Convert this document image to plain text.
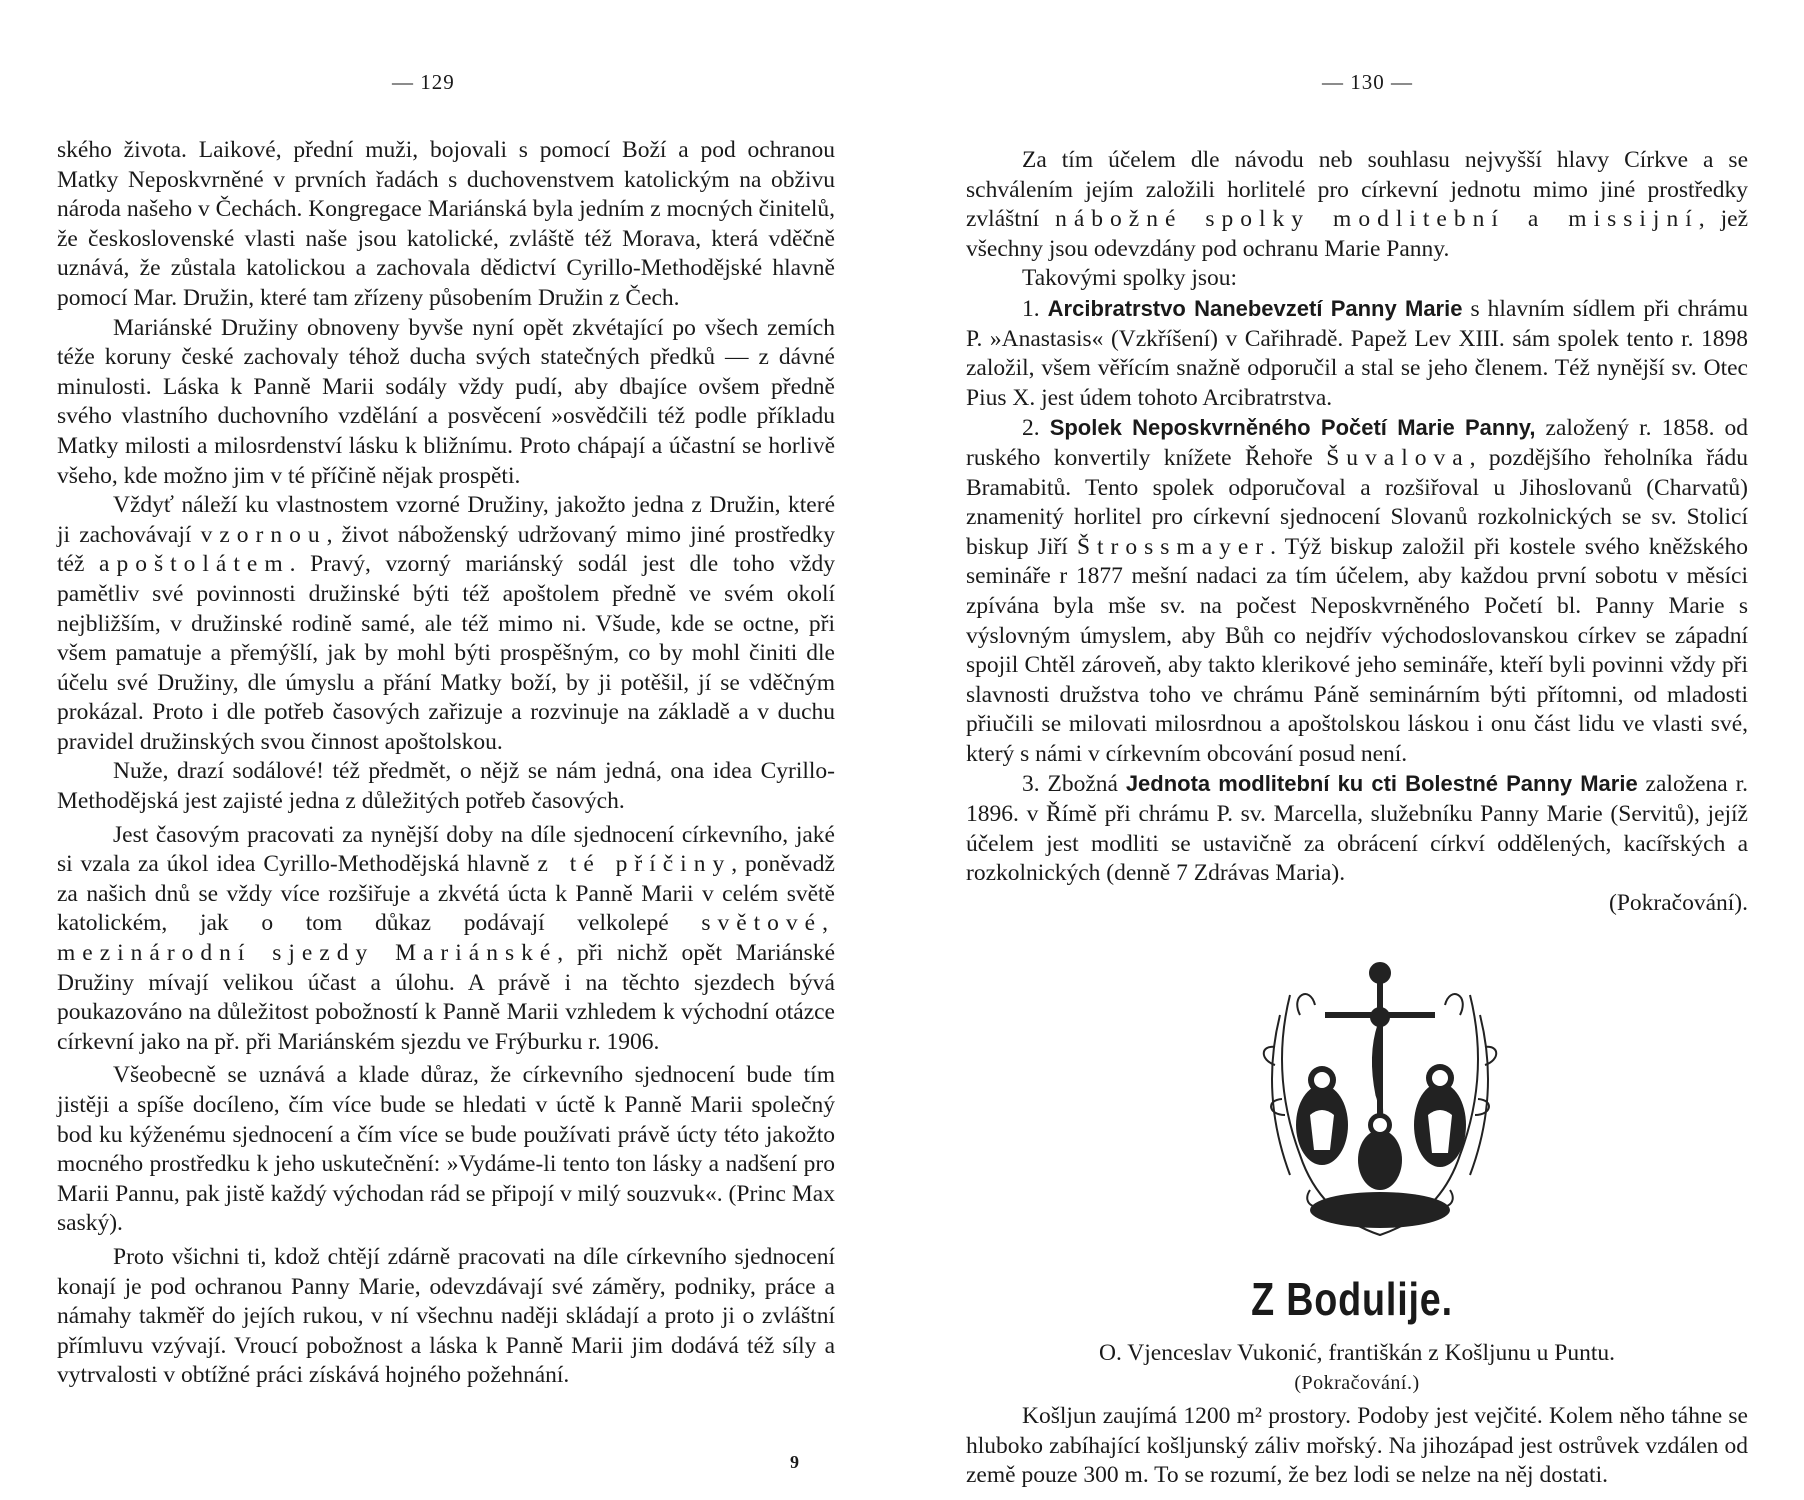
— 129

ského života. Laikové, přední muži, bojovali s pomocí Boží a pod ochranou Matky Neposkvrněné v prvních řadách s duchovenstvem katolickým na obživu národa našeho v Čechách. Kongregace Mariánská byla jedním z mocných činitelů, že československé vlasti naše jsou katolické, zvláště též Morava, která vděčně uznává, že zůstala katolickou a zachovala dědictví Cyrillo-Methodějské hlavně pomocí Mar. Družin, které tam zřízeny působením Družin z Čech.

Mariánské Družiny obnoveny byvše nyní opět zkvétající po všech zemích téže koruny české zachovaly téhož ducha svých statečných předků — z dávné minulosti. Láska k Panně Marii sodály vždy pudí, aby dbajíce ovšem předně svého vlastního duchovního vzdělání a posvěcení »osvědčili též podle příkladu Matky milosti a milosrdenství lásku k bližnímu. Proto chápají a účastní se horlivě všeho, kde možno jim v té příčině nějak prospěti.

Vždyť náleží ku vlastnostem vzorné Družiny, jakožto jedna z Družin, které ji zachovávají vzornou, život náboženský udržovaný mimo jiné prostředky též apoštolátem. Pravý, vzorný mariánský sodál jest dle toho vždy pamětliv své povinnosti družinské býti též apoštolem předně ve svém okolí nejbližším, v družinské rodině samé, ale též mimo ni. Všude, kde se octne, při všem pamatuje a přemýšlí, jak by mohl býti prospěšným, co by mohl činiti dle účelu své Družiny, dle úmyslu a přání Matky boží, by ji potěšil, jí se vděčným prokázal. Proto i dle potřeb časových zařizuje a rozvinuje na základě a v duchu pravidel družinských svou činnost apoštolskou.

Nuže, drazí sodálové! též předmět, o nějž se nám jedná, ona idea Cyrillo-Methodějská jest zajisté jedna z důležitých potřeb časových.

Jest časovým pracovati za nynější doby na díle sjednocení církevního, jaké si vzala za úkol idea Cyrillo-Methodějská hlavně z té příčiny, poněvadž za našich dnů se vždy více rozšiřuje a zkvétá úcta k Panně Marii v celém světě katolickém, jak o tom důkaz podávají velkolepé světové, mezinárodní sjezdy Mariánské, při nichž opět Mariánské Družiny mívají velikou účast a úlohu. A právě i na těchto sjezdech bývá poukazováno na důležitost pobožností k Panně Marii vzhledem k východní otázce církevní jako na př. při Mariánském sjezdu ve Frýburku r. 1906.

Všeobecně se uznává a klade důraz, že církevního sjednocení bude tím jistěji a spíše docíleno, čím více bude se hledati v úctě k Panně Marii společný bod ku kýženému sjednocení a čím více se bude používati právě úcty této jakožto mocného prostředku k jeho uskutečnění: »Vydáme-li tento ton lásky a nadšení pro Marii Pannu, pak jistě každý východan rád se připojí v milý souzvuk«. (Princ Max saský).

Proto všichni ti, kdož chtějí zdárně pracovati na díle církevního sjednocení konají je pod ochranou Panny Marie, odevzdávají své záměry, podniky, práce a námahy takměř do jejích rukou, v ní všechnu naději skládají a proto ji o zvláštní přímluvu vzývají. Vroucí pobožnost a láska k Panně Marii jim dodává též síly a vytrvalosti v obtížné práci získává hojného požehnání.

9
— 130 —

Za tím účelem dle návodu neb souhlasu nejvyšší hlavy Církve a se schválením jejím založili horlitelé pro církevní jednotu mimo jiné prostředky zvláštní nábožné spolky modlitební a missijní, jež všechny jsou odevzdány pod ochranu Marie Panny.

Takovými spolky jsou:

1. Arcibratrstvo Nanebevzetí Panny Marie s hlavním sídlem při chrámu P. »Anastasis« (Vzkříšení) v Cařihradě. Papež Lev XIII. sám spolek tento r. 1898 založil, všem věřícím snažně odporučil a stal se jeho členem. Též nynější sv. Otec Pius X. jest údem tohoto Arcibratrstva.

2. Spolek Neposkvrněného Početí Marie Panny, založený r. 1858. od ruského konvertily knížete Řehoře Šuvalova, pozdějšího řeholníka řádu Bramabitů. Tento spolek odporučoval a rozšiřoval u Jihoslovanů (Charvatů) znamenitý horlitel pro církevní sjednocení Slovanů rozkolnických se sv. Stolicí biskup Jiří Štrossmayer. Týž biskup založil při kostele svého kněžského semináře r 1877 mešní nadaci za tím účelem, aby každou první sobotu v měsíci zpívána byla mše sv. na počest Neposkvrněného Početí bl. Panny Marie s výslovným úmyslem, aby Bůh co nejdřív východoslovanskou církev se západní spojil Chtěl zároveň, aby takto klerikové jeho semináře, kteří byli povinni vždy při slavnosti družstva toho ve chrámu Páně seminárním býti přítomni, od mladosti přiučili se milovati milosrdnou a apoštolskou láskou i onu část lidu ve vlasti své, který s námi v církevním obcování posud není.

3. Zbožná Jednota modlitební ku cti Bolestné Panny Marie založena r. 1896. v Římě při chrámu P. sv. Marcella, služebníku Panny Marie (Servitů), jejíž účelem jest modliti se ustavičně za obrácení církví oddělených, kacířských a rozkolnických (denně 7 Zdrávas Maria).

(Pokračování).

Z Bodulije.
O. Vjenceslav Vukonić, františkán z Košljunu u Puntu.
(Pokračování.)

Košljun zaujímá 1200 m² prostory. Podoby jest vejčité. Kolem něho táhne se hluboko zabíhající košljunský záliv mořský. Na jihozápad jest ostrůvek vzdálen od země pouze 300 m. To se rozumí, že bez lodi se nelze na něj dostati.
